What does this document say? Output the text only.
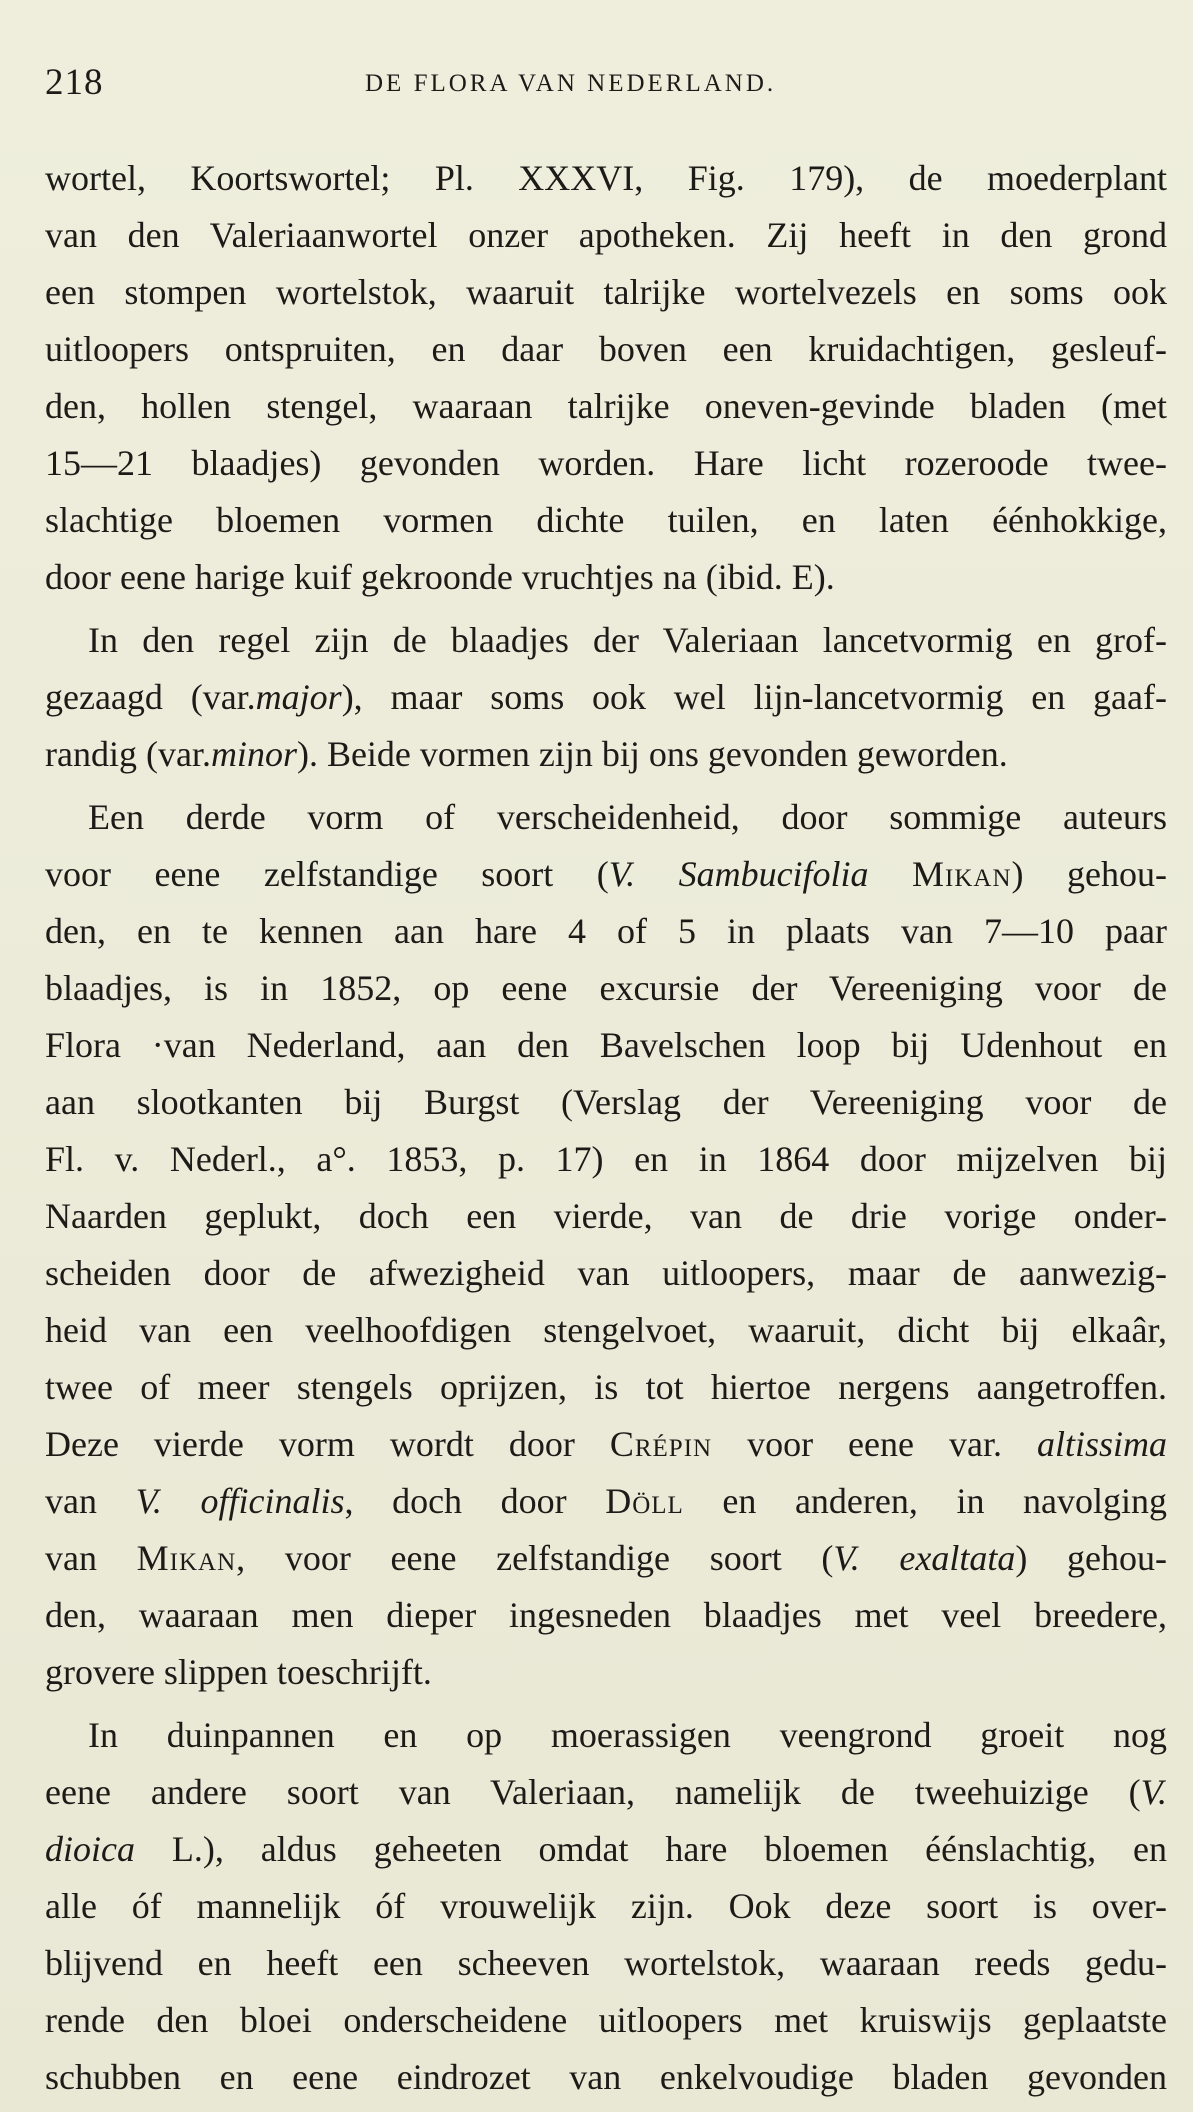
218	DE FLORA VAN NEDERLAND.
wortel, Koortswortel; Pl. XXXVI, Fig. 179), de moederplant
van den Valeriaanwortel onzer apotheken. Zij heeft in den grond
een stompen wortelstok, waaruit talrijke wortelvezels en soms ook
uitloopers ontspruiten, en daar boven een kruidachtigen, gesleuf-
den, hollen stengel, waaraan talrijke oneven-gevinde bladen (met
15—21 blaadjes) gevonden worden. Hare licht rozeroode twee-
slachtige bloemen vormen dichte tuilen, en laten éénhokkige,
door eene harige kuif gekroonde vruchtjes na (ibid. E).
In den regel zijn de blaadjes der Valeriaan lancetvormig en grof-
gezaagd (var.major), maar soms ook wel lijn-lancetvormig en gaaf-
randig (var.minor). Beide vormen zijn bij ons gevonden geworden.
Een derde vorm of verscheidenheid, door sommige auteurs
voor eene zelfstandige soort (V. Sambucifolia Mikan) gehou-
den, en te kennen aan hare 4 of 5 in plaats van 7—10 paar
blaadjes, is in 1852, op eene excursie der Vereeniging voor de
Flora ·van Nederland, aan den Bavelschen loop bij Udenhout en
aan slootkanten bij Burgst (Verslag der Vereeniging voor de
Fl. v. Nederl., a°. 1853, p. 17) en in 1864 door mijzelven bij
Naarden geplukt, doch een vierde, van de drie vorige onder-
scheiden door de afwezigheid van uitloopers, maar de aanwezig-
heid van een veelhoofdigen stengelvoet, waaruit, dicht bij elkaâr,
twee of meer stengels oprijzen, is tot hiertoe nergens aangetroffen.
Deze vierde vorm wordt door Crépin voor eene var. altissima
van V. officinalis, doch door Döll en anderen, in navolging
van Mikan, voor eene zelfstandige soort (V. exaltata) gehou-
den, waaraan men dieper ingesneden blaadjes met veel breedere,
grovere slippen toeschrijft.
In duinpannen en op moerassigen veengrond groeit nog
eene andere soort van Valeriaan, namelijk de tweehuizige (V.
dioica L.), aldus geheeten omdat hare bloemen éénslachtig, en
alle óf mannelijk óf vrouwelijk zijn. Ook deze soort is over-
blijvend en heeft een scheeven wortelstok, waaraan reeds gedu-
rende den bloei onderscheidene uitloopers met kruiswijs geplaatste
schubben en eene eindrozet van enkelvoudige bladen gevonden
